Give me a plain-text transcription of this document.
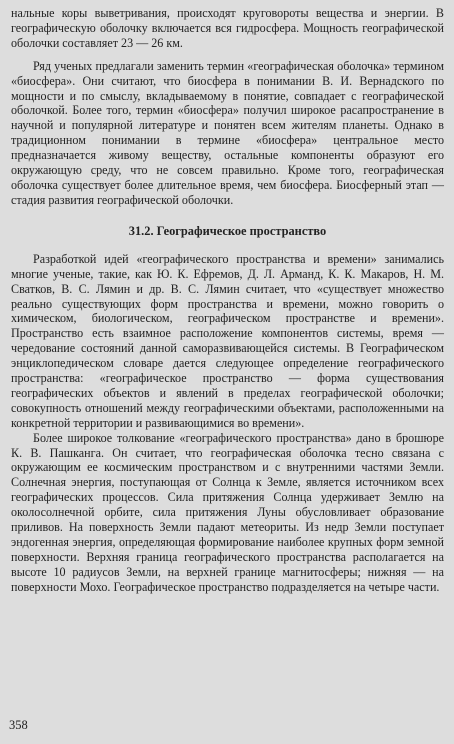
нальные коры выветривания, происходят круговороты вещества и энергии. В географическую оболочку включается вся гидросфера. Мощность географической оболочки составляет 23 — 26 км.

Ряд ученых предлагали заменить термин «географическая оболочка» термином «биосфера». Они считают, что биосфера в понимании В. И. Вернадского по мощности и по смыслу, вкладываемому в понятие, совпадает с географической оболочкой. Более того, термин «биосфера» получил широкое расапространение в научной и популярной литературе и понятен всем жителям планеты. Однако в традиционном понимании в термине «биосфера» центральное место предназначается живому веществу, остальные компоненты образуют его окружающую среду, что не совсем правильно. Кроме того, географическая оболочка существует более длительное время, чем биосфера. Биосферный этап — стадия развития географической оболочки.

31.2. Географическое пространство

Разработкой идей «географического пространства и времени» занимались многие ученые, такие, как Ю. К. Ефремов, Д. Л. Арманд, К. К. Макаров, Н. М. Сватков, В. С. Лямин и др. В. С. Лямин считает, что «существует множество реально существующих форм пространства и времени, можно говорить о химическом, биологическом, географическом пространстве и времени». Пространство есть взаимное расположение компонентов системы, время — чередование состояний данной саморазвивающейся системы. В Географическом энциклопедическом словаре дается следующее определение географического пространства: «географическое пространство — форма существования географических объектов и явлений в пределах географической оболочки; совокупность отношений между географическими объектами, расположенными на конкретной территории и развивающимися во времени».

Более широкое толкование «географического пространства» дано в брошюре К. В. Пашканга. Он считает, что географическая оболочка тесно связана с окружающим ее космическим пространством и с внутренними частями Земли. Солнечная энергия, поступающая от Солнца к Земле, является источником всех географических процессов. Сила притяжения Солнца удерживает Землю на околосолнечной орбите, сила притяжения Луны обусловливает образование приливов. На поверхность Земли падают метеориты. Из недр Земли поступает эндогенная энергия, определяющая формирование наиболее крупных форм земной поверхности. Верхняя граница географического пространства располагается на высоте 10 радиусов Земли, на верхней границе магнитосферы; нижняя — на поверхности Мохо. Географическое пространство подразделяется на четыре части.

358
